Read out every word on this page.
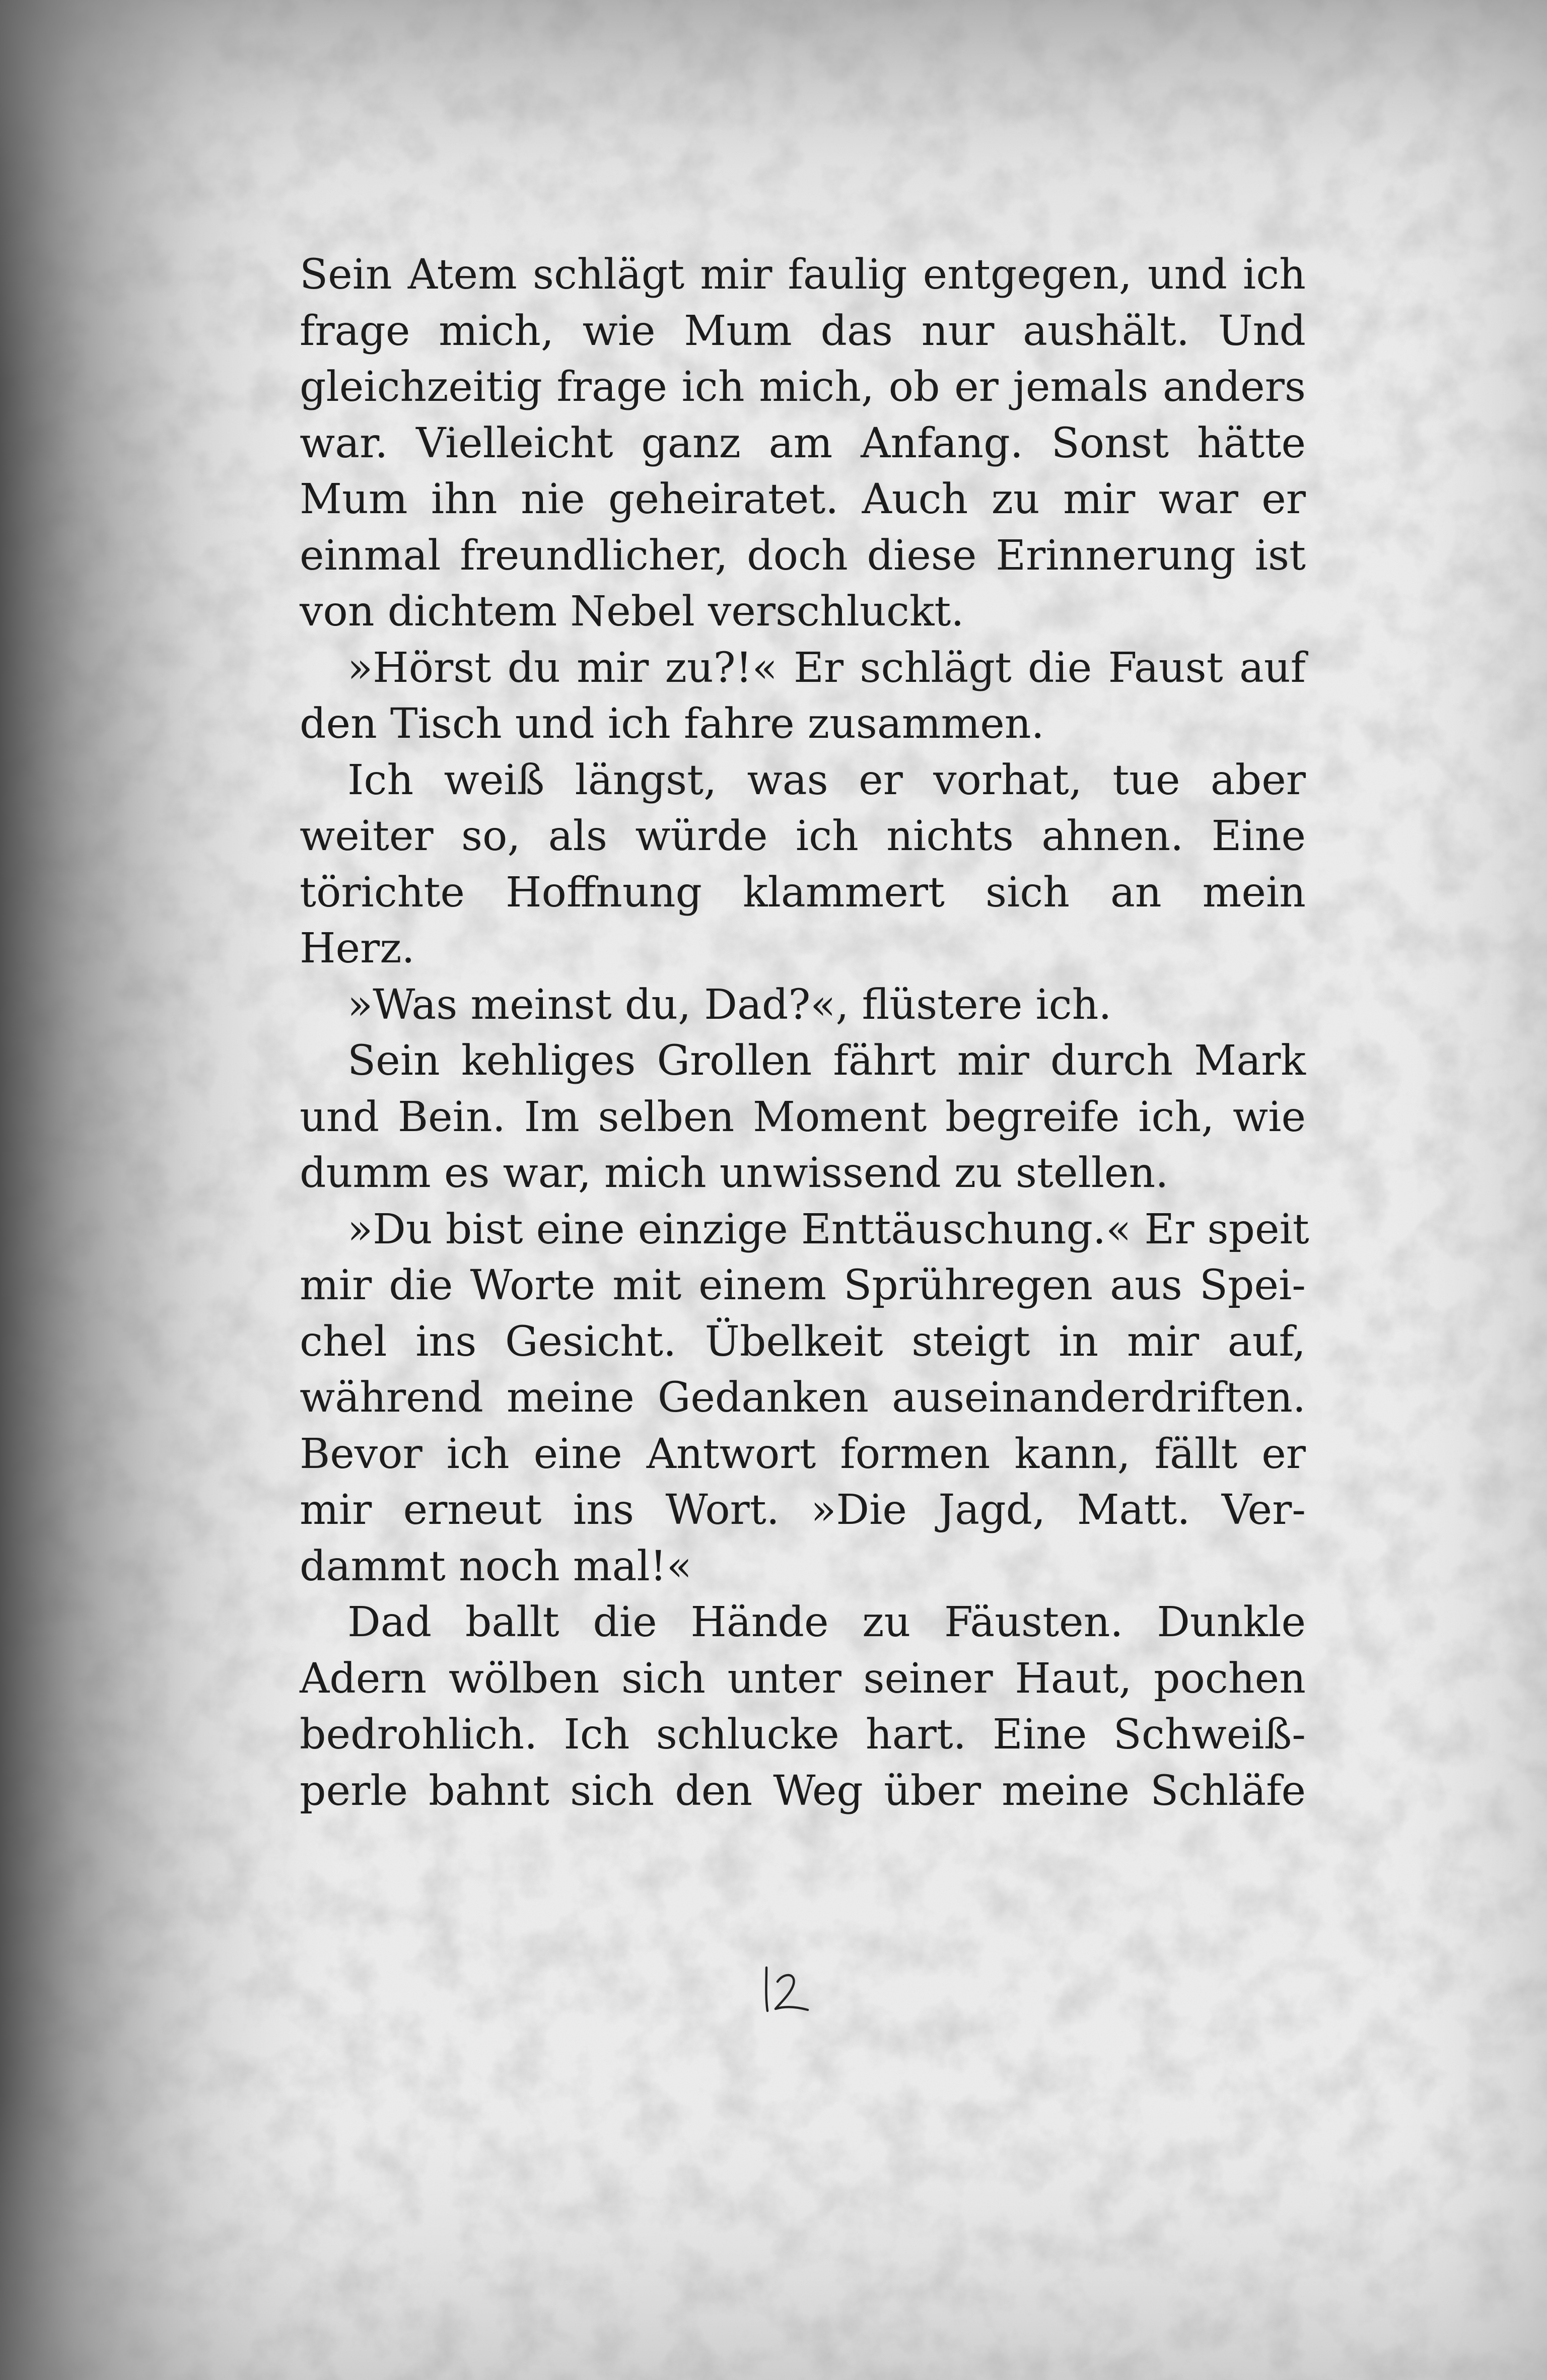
Sein Atem schlägt mir faulig entgegen, und ich
frage mich, wie Mum das nur aushält. Und
gleichzeitig frage ich mich, ob er jemals anders
war. Vielleicht ganz am Anfang. Sonst hätte
Mum ihn nie geheiratet. Auch zu mir war er
einmal freundlicher, doch diese Erinnerung ist
von dichtem Nebel verschluckt.
»Hörst du mir zu?!« Er schlägt die Faust auf
den Tisch und ich fahre zusammen.
Ich weiß längst, was er vorhat, tue aber
weiter so, als würde ich nichts ahnen. Eine
törichte Hoffnung klammert sich an mein
Herz.
»Was meinst du, Dad?«, flüstere ich.
Sein kehliges Grollen fährt mir durch Mark
und Bein. Im selben Moment begreife ich, wie
dumm es war, mich unwissend zu stellen.
»Du bist eine einzige Enttäuschung.« Er speit
mir die Worte mit einem Sprühregen aus Spei-
chel ins Gesicht. Übelkeit steigt in mir auf,
während meine Gedanken auseinanderdriften.
Bevor ich eine Antwort formen kann, fällt er
mir erneut ins Wort. »Die Jagd, Matt. Ver-
dammt noch mal!«
Dad ballt die Hände zu Fäusten. Dunkle
Adern wölben sich unter seiner Haut, pochen
bedrohlich. Ich schlucke hart. Eine Schweiß-
perle bahnt sich den Weg über meine Schläfe
